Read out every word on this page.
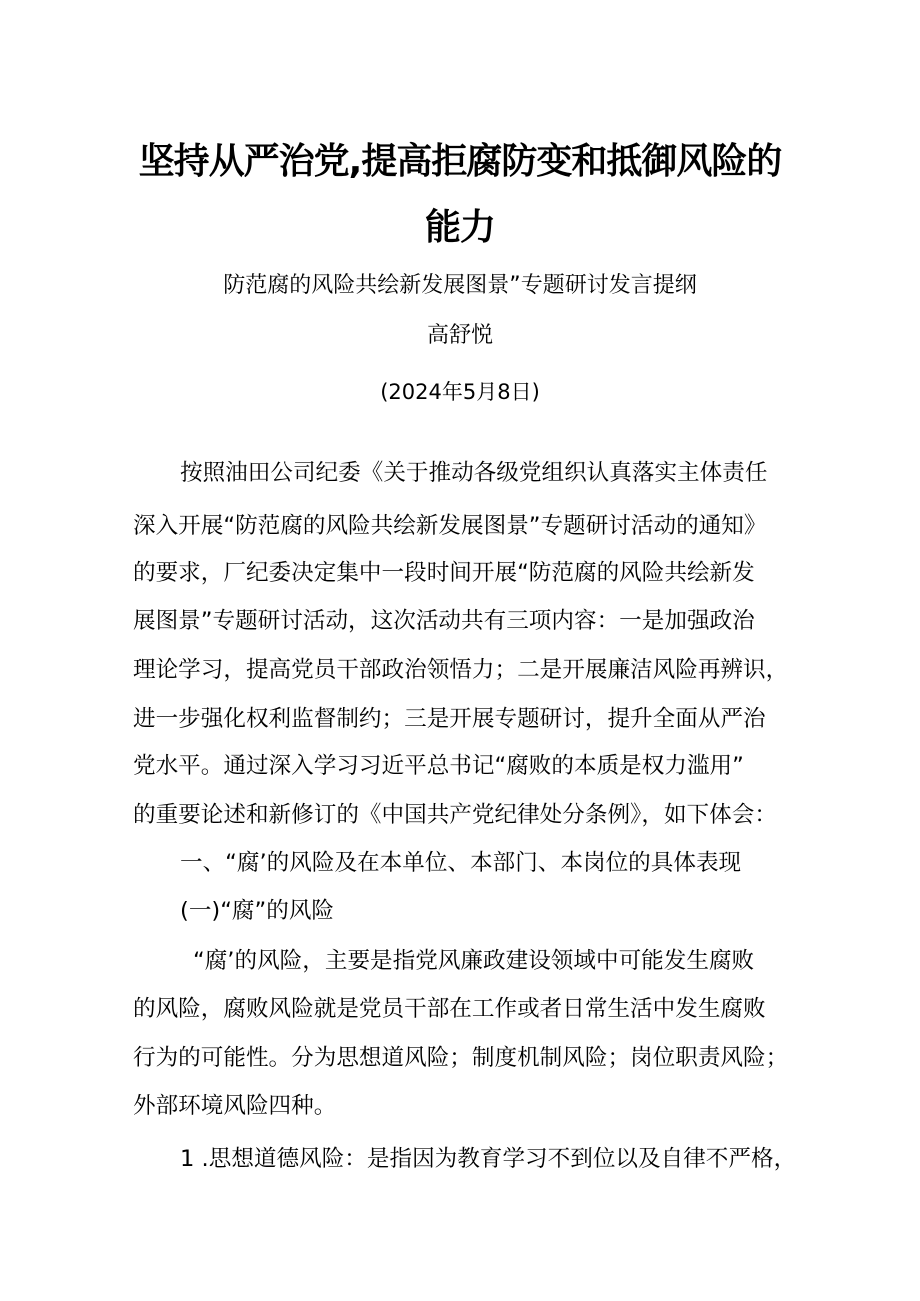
坚持从严治党,提高拒腐防变和抵御风险的
能力
防范腐的风险共绘新发展图景”专题研讨发言提纲
高舒悦
(2024年5月8日)
按照油田公司纪委《关于推动各级党组织认真落实主体责任
深入开展“防范腐的风险共绘新发展图景”专题研讨活动的通知》
的要求，厂纪委决定集中一段时间开展“防范腐的风险共绘新发
展图景”专题研讨活动，这次活动共有三项内容：一是加强政治
理论学习，提高党员干部政治领悟力；二是开展廉洁风险再辨识，
进一步强化权利监督制约；三是开展专题研讨，提升全面从严治
党水平。通过深入学习习近平总书记“腐败的本质是权力滥用”
的重要论述和新修订的《中国共产党纪律处分条例》，如下体会：
一、“腐’的风险及在本单位、本部门、本岗位的具体表现
(一)“腐”的风险
“腐’的风险，主要是指党风廉政建设领域中可能发生腐败
的风险，腐败风险就是党员干部在工作或者日常生活中发生腐败
行为的可能性。分为思想道风险；制度机制风险；岗位职责风险；
外部环境风险四种。
1 .思想道德风险：是指因为教育学习不到位以及自律不严格，
